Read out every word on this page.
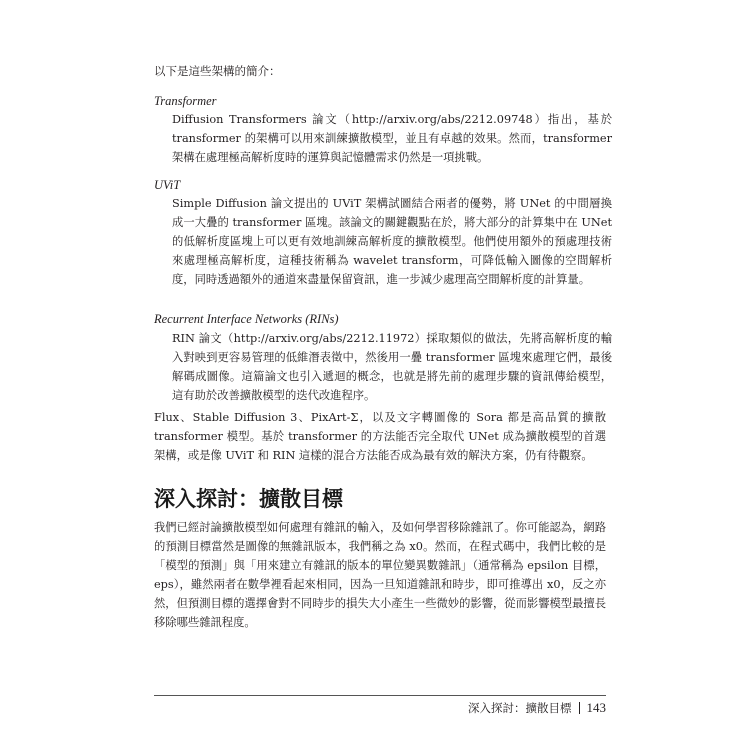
以下是這些架構的簡介：
Transformer

Diffusion Transformers 論文（http://arxiv.org/abs/2212.09748）指出，基於 transformer 的架構可以用來訓練擴散模型，並且有卓越的效果。然而，transformer 架構在處理極高解析度時的運算與記憶體需求仍然是一項挑戰。

UViT

Simple Diffusion 論文提出的 UViT 架構試圖結合兩者的優勢，將 UNet 的中間層換成一大疊的 transformer 區塊。該論文的關鍵觀點在於，將大部分的計算集中在 UNet 的低解析度區塊上可以更有效地訓練高解析度的擴散模型。他們使用額外的預處理技術來處理極高解析度，這種技術稱為 wavelet transform，可降低輸入圖像的空間解析度，同時透過額外的通道來盡量保留資訊，進一步減少處理高空間解析度的計算量。

Recurrent Interface Networks (RINs)

RIN 論文（http://arxiv.org/abs/2212.11972）採取類似的做法，先將高解析度的輸入對映到更容易管理的低維潛表徵中，然後用一疊 transformer 區塊來處理它們，最後解碼成圖像。這篇論文也引入遞迴的概念，也就是將先前的處理步驟的資訊傳給模型，這有助於改善擴散模型的迭代改進程序。

Flux、Stable Diffusion 3、PixArt-Σ，以及文字轉圖像的 Sora 都是高品質的擴散 transformer 模型。基於 transformer 的方法能否完全取代 UNet 成為擴散模型的首選架構，或是像 UViT 和 RIN 這樣的混合方法能否成為最有效的解決方案，仍有待觀察。

深入探討：擴散目標

我們已經討論擴散模型如何處理有雜訊的輸入，及如何學習移除雜訊了。你可能認為，網路的預測目標當然是圖像的無雜訊版本，我們稱之為 x0。然而，在程式碼中，我們比較的是「模型的預測」與「用來建立有雜訊的版本的單位變異數雜訊」（通常稱為 epsilon 目標，eps），雖然兩者在數學裡看起來相同，因為一旦知道雜訊和時步，即可推導出 x0，反之亦然，但預測目標的選擇會對不同時步的損失大小產生一些微妙的影響，從而影響模型最擅長移除哪些雜訊程度。

深入探討：擴散目標 143
